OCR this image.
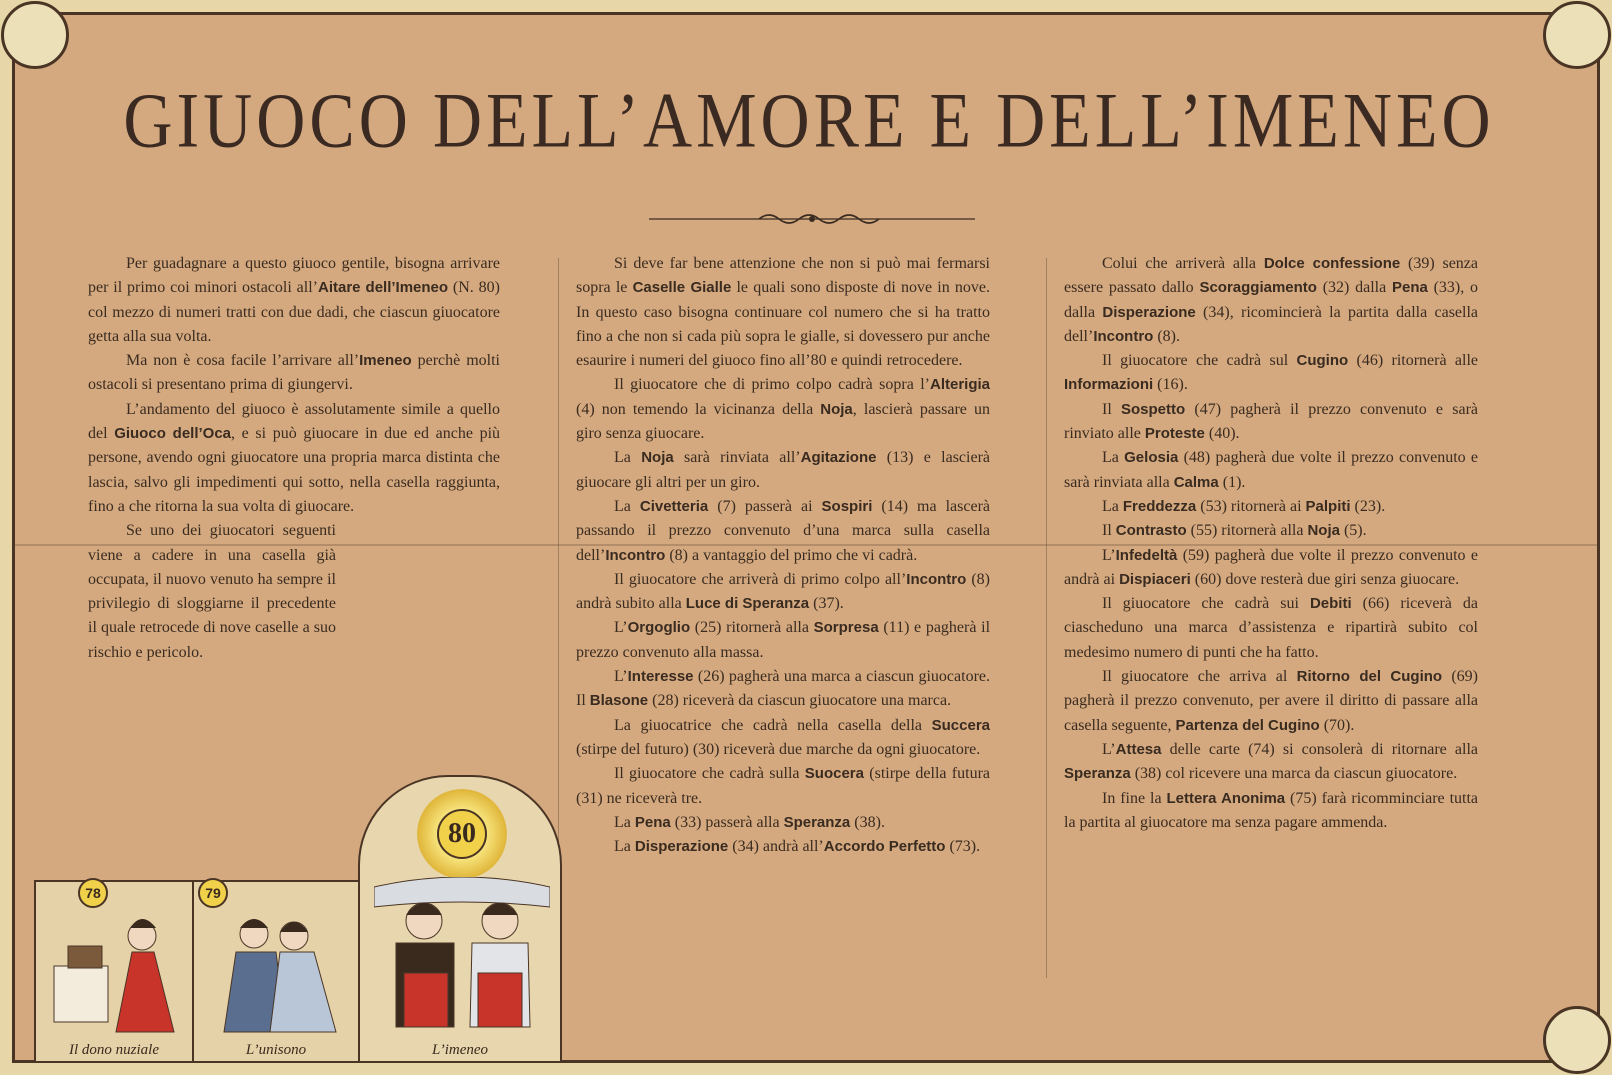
GIUOCO DELL’AMORE E DELL’IMENEO

Per guadagnare a questo giuoco gentile, bisogna arrivare per il primo coi minori ostacoli all’Aitare dell’Imeneo (N. 80) col mezzo di numeri tratti con due dadi, che ciascun giuocatore getta alla sua volta.

Ma non è cosa facile l’arrivare all’Imeneo perchè molti ostacoli si presentano prima di giungervi.

L’andamento del giuoco è assolutamente simile a quello del Giuoco dell’Oca, e si può giuocare in due ed anche più persone, avendo ogni giuocatore una propria marca distinta che lascia, salvo gli impedimenti qui sotto, nella casella raggiunta, fino a che ritorna la sua volta di giuocare.

Se uno dei giuocatori seguenti viene a cadere in una casella già occupata, il nuovo venuto ha sempre il privilegio di sloggiarne il precedente il quale retrocede di nove caselle a suo rischio e pericolo.

Si deve far bene attenzione che non si può mai fermarsi sopra le Caselle Gialle le quali sono disposte di nove in nove. In questo caso bisogna continuare col numero che si ha tratto fino a che non si cada più sopra le gialle, si dovessero pur anche esaurire i numeri del giuoco fino all’80 e quindi retrocedere.

Il giuocatore che di primo colpo cadrà sopra l’Alterigia (4) non temendo la vicinanza della Noja, lascierà passare un giro senza giuocare.

La Noja sarà rinviata all’Agitazione (13) e lascierà giuocare gli altri per un giro.

La Civetteria (7) passerà ai Sospiri (14) ma lascerà passando il prezzo convenuto d’una marca sulla casella dell’Incontro (8) a vantaggio del primo che vi cadrà.

Il giuocatore che arriverà di primo colpo all’Incontro (8) andrà subito alla Luce di Speranza (37).

L’Orgoglio (25) ritornerà alla Sorpresa (11) e pagherà il prezzo convenuto alla massa.

L’Interesse (26) pagherà una marca a ciascun giuocatore. Il Blasone (28) riceverà da ciascun giuocatore una marca.

La giuocatrice che cadrà nella casella della Succera (stirpe del futuro) (30) riceverà due marche da ogni giuocatore.

Il giuocatore che cadrà sulla Suocera (stirpe della futura (31) ne riceverà tre.

La Pena (33) passerà alla Speranza (38).

La Disperazione (34) andrà all’Accordo Perfetto (73).

Colui che arriverà alla Dolce confessione (39) senza essere passato dallo Scoraggiamento (32) dalla Pena (33), o dalla Disperazione (34), ricomincierà la partita dalla casella dell’Incontro (8).

Il giuocatore che cadrà sul Cugino (46) ritornerà alle Informazioni (16).

Il Sospetto (47) pagherà il prezzo convenuto e sarà rinviato alle Proteste (40).

La Gelosia (48) pagherà due volte il prezzo convenuto e sarà rinviata alla Calma (1).

La Freddezza (53) ritornerà ai Palpiti (23).

Il Contrasto (55) ritornerà alla Noja (5).

L’Infedeltà (59) pagherà due volte il prezzo convenuto e andrà ai Dispiaceri (60) dove resterà due giri senza giuocare.

Il giuocatore che cadrà sui Debiti (66) riceverà da ciascheduno una marca d’assistenza e ripartirà subito col medesimo numero di punti che ha fatto.

Il giuocatore che arriva al Ritorno del Cugino (69) pagherà il prezzo convenuto, per avere il diritto di passare alla casella seguente, Partenza del Cugino (70).

L’Attesa delle carte (74) si consolerà di ritornare alla Speranza (38) col ricevere una marca da ciascun giuocatore.

In fine la Lettera Anonima (75) farà ricomminciare tutta la partita al giuocatore ma senza pagare ammenda.

78
Il dono nuziale
79
L’unisono
80
L’imeneo
